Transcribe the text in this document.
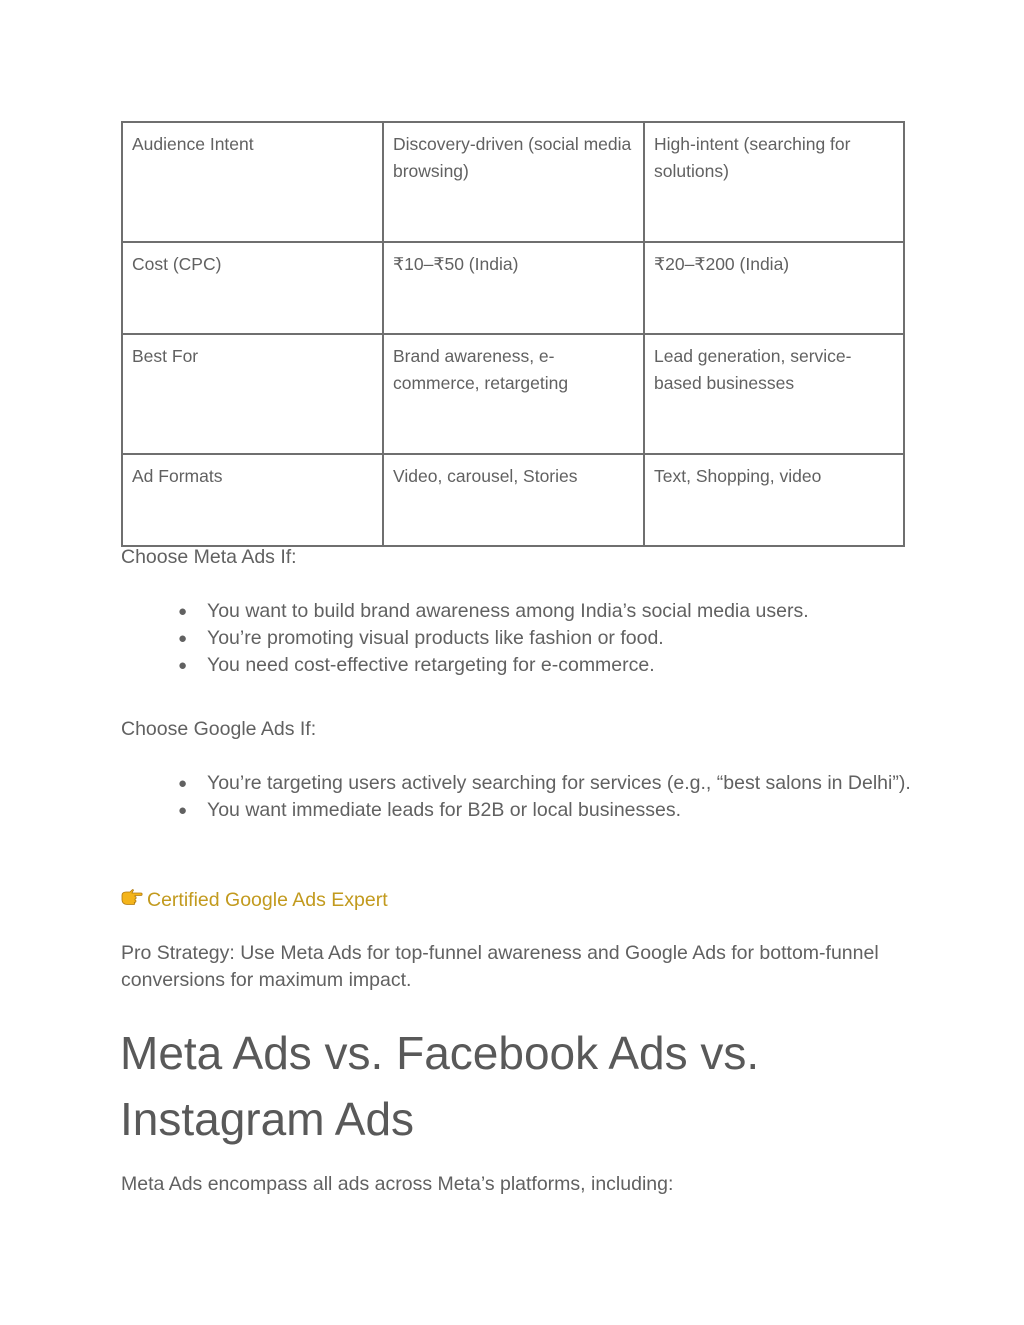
Audience Intent	Discovery-driven (social media browsing)	High-intent (searching for solutions)
Cost (CPC)	₹10–₹50 (India)	₹20–₹200 (India)
Best For	Brand awareness, e-commerce, retargeting	Lead generation, service-based businesses
Ad Formats	Video, carousel, Stories	Text, Shopping, video
Choose Meta Ads If:
● You want to build brand awareness among India’s social media users.
● You’re promoting visual products like fashion or food.
● You need cost-effective retargeting for e-commerce.
Choose Google Ads If:
● You’re targeting users actively searching for services (e.g., “best salons in Delhi”).
● You want immediate leads for B2B or local businesses.
Certified Google Ads Expert
Pro Strategy: Use Meta Ads for top-funnel awareness and Google Ads for bottom-funnel conversions for maximum impact.
Meta Ads vs. Facebook Ads vs. Instagram Ads
Meta Ads encompass all ads across Meta’s platforms, including:
